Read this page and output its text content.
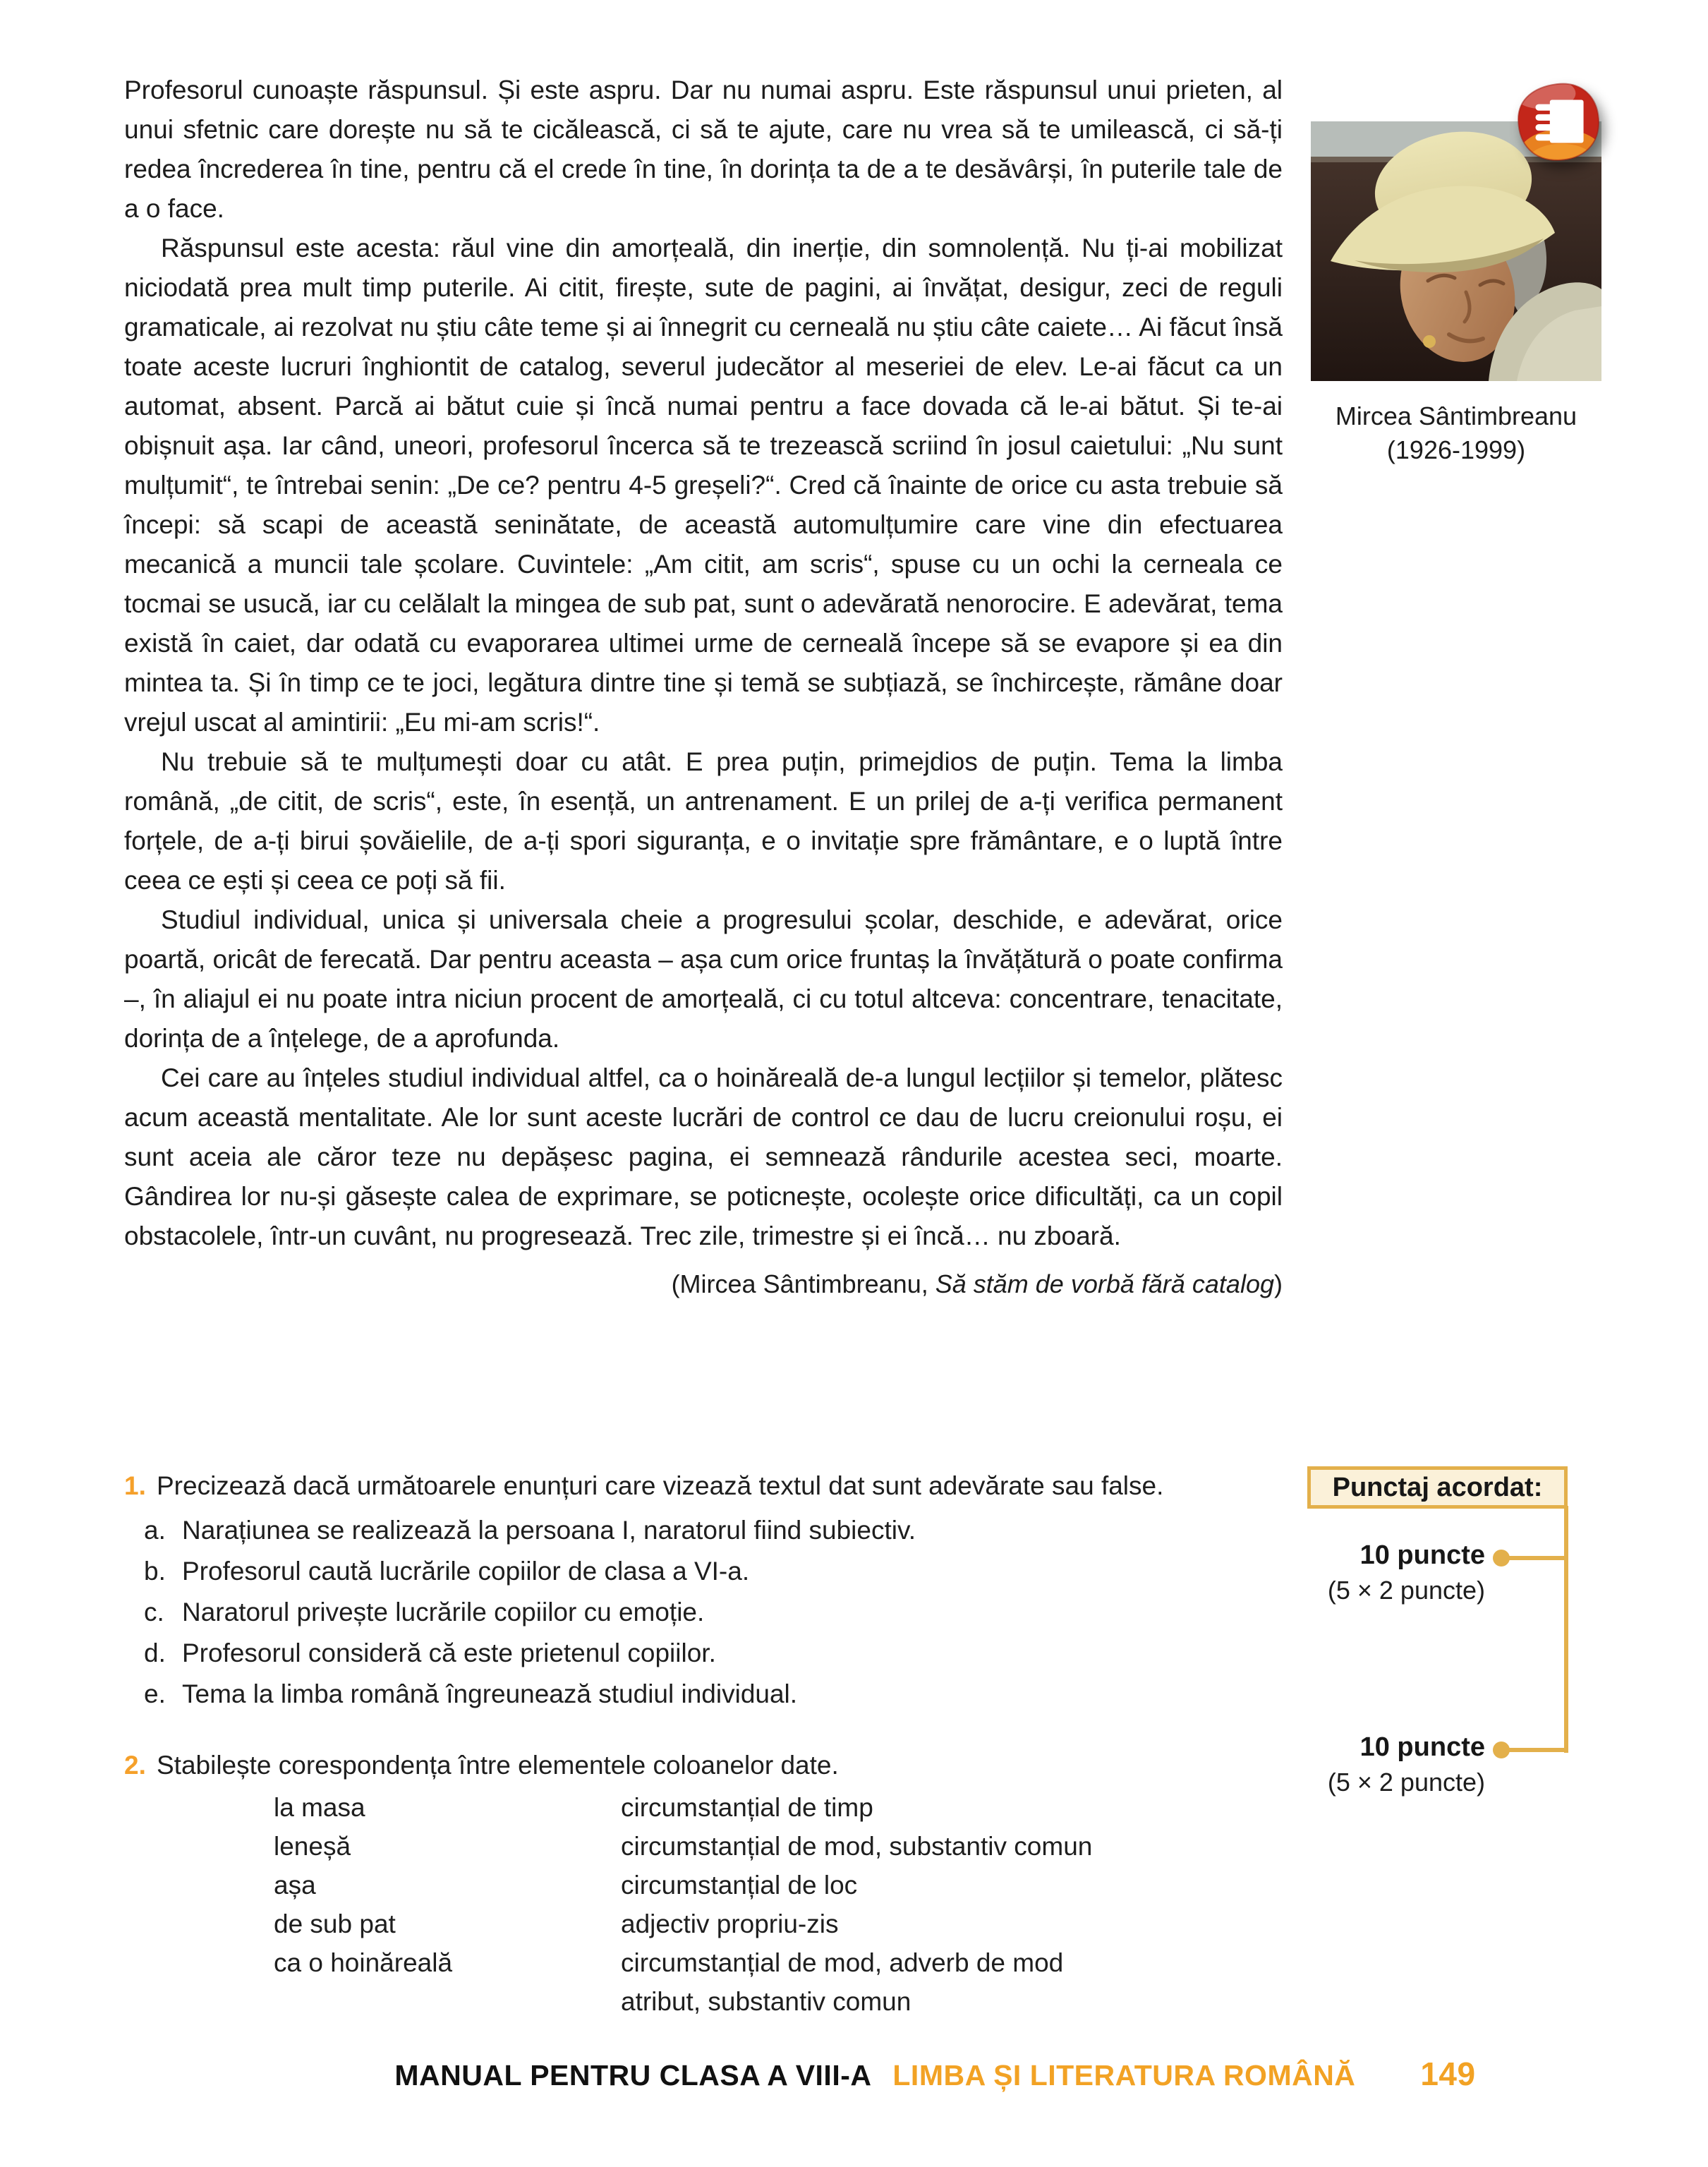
Profesorul cunoaște răspunsul. Și este aspru. Dar nu numai aspru. Este răspunsul unui prieten, al unui sfetnic care dorește nu să te cicălească, ci să te ajute, care nu vrea să te umilească, ci să-ți redea încrederea în tine, pentru că el crede în tine, în dorința ta de a te desăvârși, în puterile tale de a o face.

Răspunsul este acesta: răul vine din amorțeală, din inerție, din somnolență. Nu ți-ai mobilizat niciodată prea mult timp puterile. Ai citit, firește, sute de pagini, ai învățat, desigur, zeci de reguli gramaticale, ai rezolvat nu știu câte teme și ai înnegrit cu cerneală nu știu câte caiete… Ai făcut însă toate aceste lucruri înghiontit de catalog, severul judecător al meseriei de elev. Le-ai făcut ca un automat, absent. Parcă ai bătut cuie și încă numai pentru a face dovada că le-ai bătut. Și te-ai obișnuit așa. Iar când, uneori, profesorul încerca să te trezească scriind în josul caietului: „Nu sunt mulțumit“, te întrebai senin: „De ce? pentru 4-5 greșeli?“. Cred că înainte de orice cu asta trebuie să începi: să scapi de această seninătate, de această automulțumire care vine din efectuarea mecanică a muncii tale școlare. Cuvintele: „Am citit, am scris“, spuse cu un ochi la cerneala ce tocmai se usucă, iar cu celălalt la mingea de sub pat, sunt o adevărată nenorocire. E adevărat, tema există în caiet, dar odată cu evaporarea ultimei urme de cerneală începe să se evapore și ea din mintea ta. Și în timp ce te joci, legătura dintre tine și temă se subțiază, se închircește, rămâne doar vrejul uscat al amintirii: „Eu mi-am scris!“.

Nu trebuie să te mulțumești doar cu atât. E prea puțin, primejdios de puțin. Tema la limba română, „de citit, de scris“, este, în esență, un antrenament. E un prilej de a-ți verifica permanent forțele, de a-ți birui șovăielile, de a-ți spori siguranța, e o invitație spre frământare, e o luptă între ceea ce ești și ceea ce poți să fii.

Studiul individual, unica și universala cheie a progresului școlar, deschide, e adevărat, orice poartă, oricât de ferecată. Dar pentru aceasta – așa cum orice fruntaș la învățătură o poate confirma –, în aliajul ei nu poate intra niciun procent de amorțeală, ci cu totul altceva: concentrare, tenacitate, dorința de a înțelege, de a aprofunda.

Cei care au înțeles studiul individual altfel, ca o hoinăreală de-a lungul lecțiilor și temelor, plătesc acum această mentalitate. Ale lor sunt aceste lucrări de control ce dau de lucru creionului roșu, ei sunt aceia ale căror teze nu depășesc pagina, ei semnează rândurile acestea seci, moarte. Gândirea lor nu-și găsește calea de exprimare, se poticnește, ocolește orice dificultăți, ca un copil obstacolele, într-un cuvânt, nu progresează. Trec zile, trimestre și ei încă… nu zboară.

(Mircea Sântimbreanu, Să stăm de vorbă fără catalog)

Mircea Sântimbreanu
(1926-1999)
1. Precizează dacă următoarele enunțuri care vizează textul dat sunt adevărate sau false.
a. Narațiunea se realizează la persoana I, naratorul fiind subiectiv.
b. Profesorul caută lucrările copiilor de clasa a VI-a.
c. Naratorul privește lucrările copiilor cu emoție.
d. Profesorul consideră că este prietenul copiilor.
e. Tema la limba română îngreunează studiul individual.
2. Stabilește corespondența între elementele coloanelor date.
la masa	circumstanțial de timp
leneșă	circumstanțial de mod, substantiv comun
așa	circumstanțial de loc
de sub pat	adjectiv propriu-zis
ca o hoinăreală	circumstanțial de mod, adverb de mod
atribut, substantiv comun
Punctaj acordat:
10 puncte
(5 × 2 puncte)
10 puncte
(5 × 2 puncte)
MANUAL PENTRU CLASA A VIII-A LIMBA ȘI LITERATURA ROMÂNĂ 149
